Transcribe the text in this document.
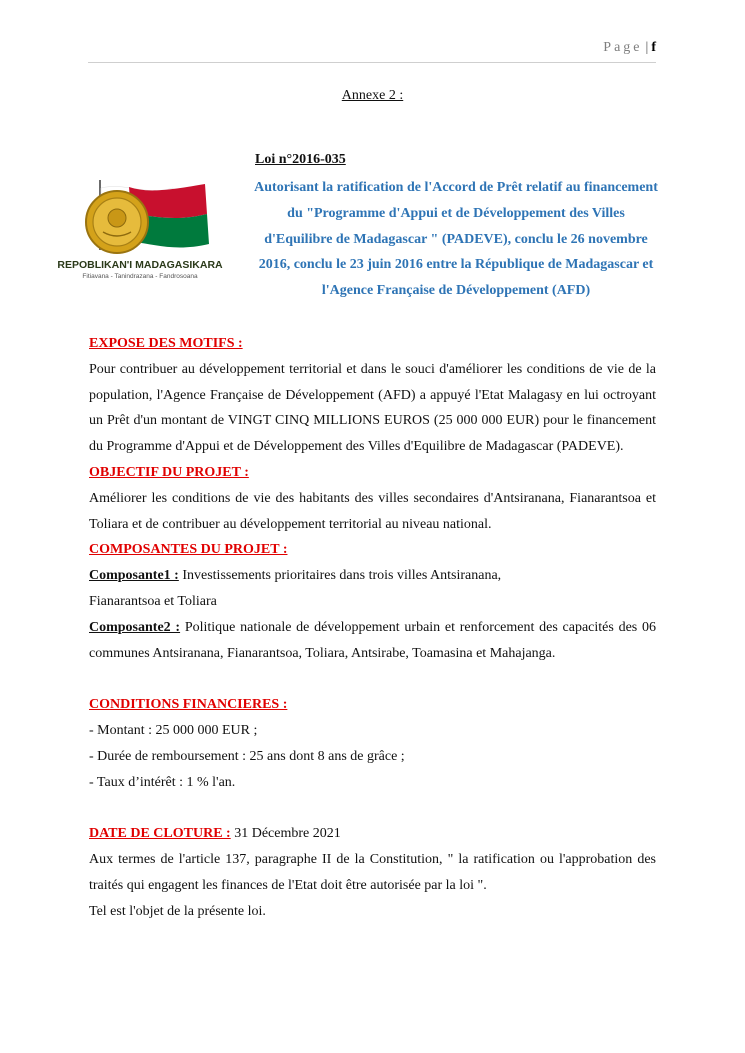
Page | f
Annexe 2 :
REPOBLIKAN'I MADAGASIKARA
Fitiavana - Tanindrazana - Fandrosoana
Loi n°2016-035
Autorisant la ratification de l'Accord de Prêt relatif au financement du "Programme d'Appui et de Développement des Villes d'Equilibre de Madagascar " (PADEVE), conclu le 26 novembre 2016, conclu le 23 juin 2016 entre la République de Madagascar et l'Agence Française de Développement (AFD)

EXPOSE DES MOTIFS :

Pour contribuer au développement territorial et dans le souci d'améliorer les conditions de vie de la population, l'Agence Française de Développement (AFD) a appuyé l'Etat Malagasy en lui octroyant un Prêt d'un montant de VINGT CINQ MILLIONS EUROS (25 000 000 EUR) pour le financement du Programme d'Appui et de Développement des Villes d'Equilibre de Madagascar (PADEVE).

OBJECTIF DU PROJET :

Améliorer les conditions de vie des habitants des villes secondaires d'Antsiranana, Fianarantsoa et Toliara et de contribuer au développement territorial au niveau national.

COMPOSANTES DU PROJET :

Composante1 : Investissements prioritaires dans trois villes Antsiranana,

Fianarantsoa et Toliara

Composante2 : Politique nationale de développement urbain et renforcement des capacités des 06 communes Antsiranana, Fianarantsoa, Toliara, Antsirabe, Toamasina et Mahajanga.

CONDITIONS FINANCIERES :

- Montant : 25 000 000 EUR ;

- Durée de remboursement : 25 ans dont 8 ans de grâce ;

- Taux d’intérêt : 1 % l'an.

DATE DE CLOTURE : 31 Décembre 2021

Aux termes de l'article 137, paragraphe II de la Constitution, " la ratification ou l'approbation des traités qui engagent les finances de l'Etat doit être autorisée par la loi ".

Tel est l'objet de la présente loi.
